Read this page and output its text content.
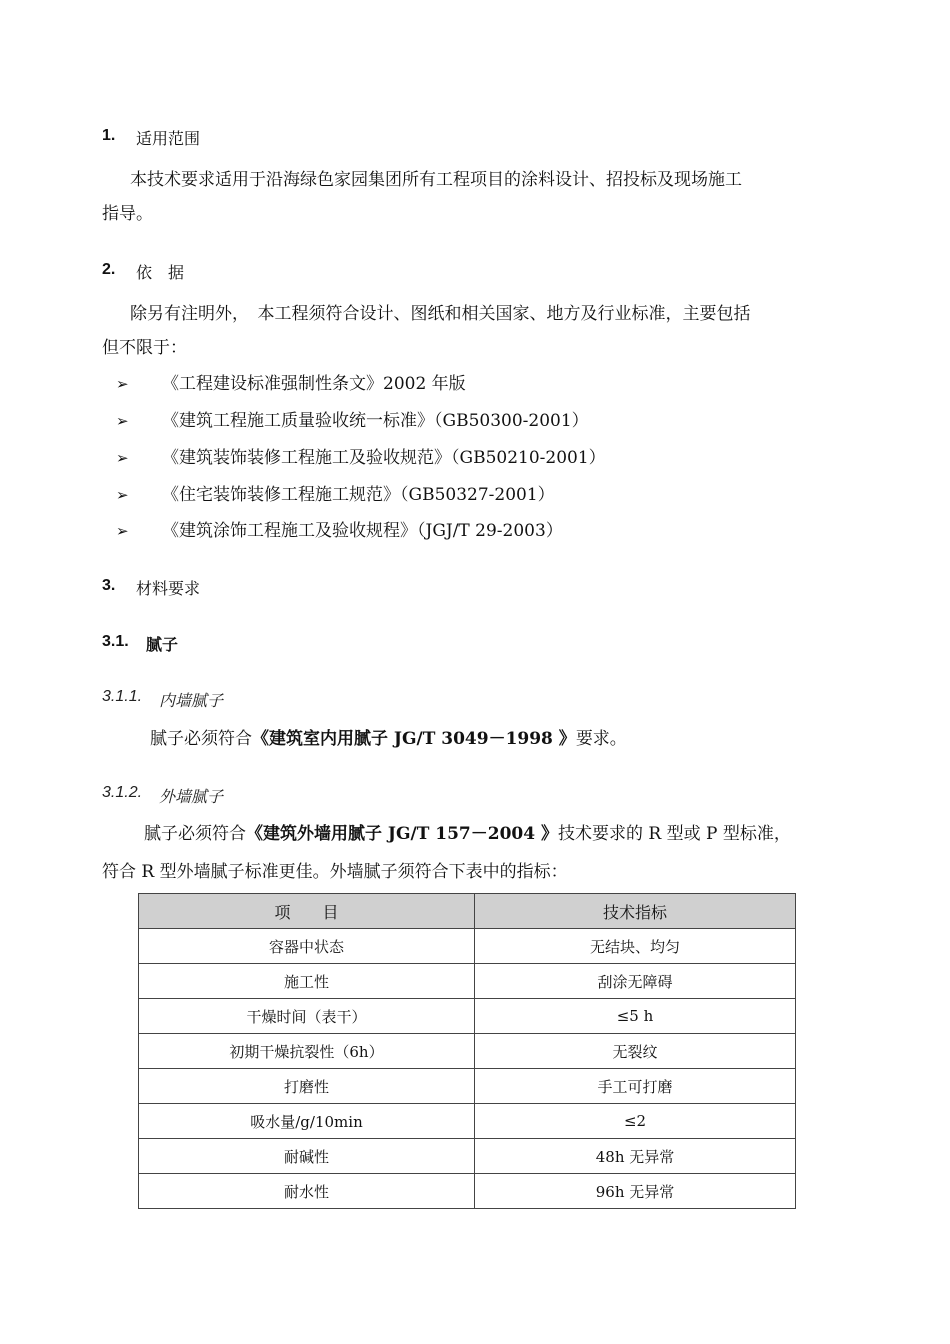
1. 适用范围
本技术要求适用于沿海绿色家园集团所有工程项目的涂料设计、招投标及现场施工
指导。
2. 依　据
除另有注明外，　本工程须符合设计、图纸和相关国家、地方及行业标准，主要包括
但不限于：
➢ 《工程建设标准强制性条文》2002 年版
➢ 《建筑工程施工质量验收统一标准》（GB50300-2001）
➢ 《建筑装饰装修工程施工及验收规范》（GB50210-2001）
➢ 《住宅装饰装修工程施工规范》（GB50327-2001）
➢ 《建筑涂饰工程施工及验收规程》（JGJ/T 29-2003）
3. 材料要求
3.1. 腻子
3.1.1. 内墙腻子
腻子必须符合《建筑室内用腻子 JG/T 3049－1998 》要求。
3.1.2. 外墙腻子
腻子必须符合《建筑外墙用腻子 JG/T 157－2004 》技术要求的 R 型或 P 型标准，
符合 R 型外墙腻子标准更佳。外墙腻子须符合下表中的指标：
项　　目	技术指标
容器中状态	无结块、均匀
施工性	刮涂无障碍
干燥时间（表干）	≤5 h
初期干燥抗裂性（6h）	无裂纹
打磨性	手工可打磨
吸水量/g/10min	≤2
耐碱性	48h 无异常
耐水性	96h 无异常
